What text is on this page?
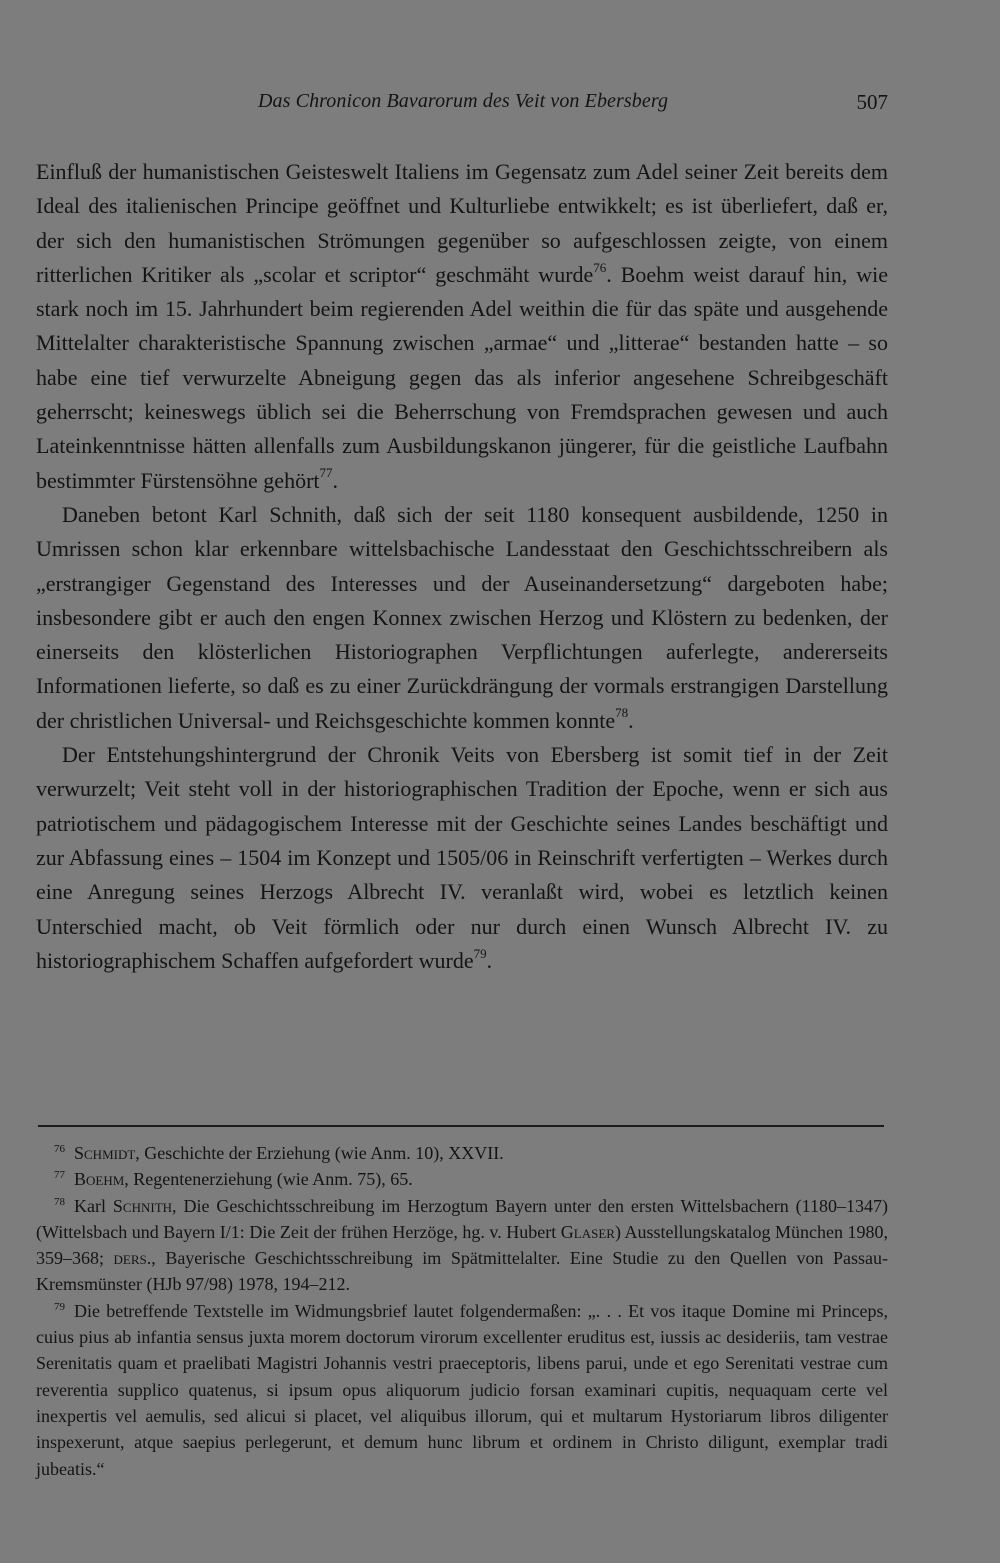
Das Chronicon Bavarorum des Veit von Ebersberg	507

Einfluß der humanistischen Geisteswelt Italiens im Gegensatz zum Adel seiner Zeit bereits dem Ideal des italienischen Principe geöffnet und Kulturliebe entwikkelt; es ist überliefert, daß er, der sich den humanistischen Strömungen gegenüber so aufgeschlossen zeigte, von einem ritterlichen Kritiker als „scolar et scriptor“ geschmäht wurde$^{76}$. Boehm weist darauf hin, wie stark noch im 15. Jahrhundert beim regierenden Adel weithin die für das späte und ausgehende Mittelalter charakteristische Spannung zwischen „armae“ und „litterae“ bestanden hatte – so habe eine tief verwurzelte Abneigung gegen das als inferior angesehene Schreibgeschäft geherrscht; keineswegs üblich sei die Beherrschung von Fremdsprachen gewesen und auch Lateinkenntnisse hätten allenfalls zum Ausbildungskanon jüngerer, für die geistliche Laufbahn bestimmter Fürstensöhne gehört$^{77}$.

Daneben betont Karl Schnith, daß sich der seit 1180 konsequent ausbildende, 1250 in Umrissen schon klar erkennbare wittelsbachische Landesstaat den Geschichtsschreibern als „erstrangiger Gegenstand des Interesses und der Auseinandersetzung“ dargeboten habe; insbesondere gibt er auch den engen Konnex zwischen Herzog und Klöstern zu bedenken, der einerseits den klösterlichen Historiographen Verpflichtungen auferlegte, andererseits Informationen lieferte, so daß es zu einer Zurückdrängung der vormals erstrangigen Darstellung der christlichen Universal- und Reichsgeschichte kommen konnte$^{78}$.

Der Entstehungshintergrund der Chronik Veits von Ebersberg ist somit tief in der Zeit verwurzelt; Veit steht voll in der historiographischen Tradition der Epoche, wenn er sich aus patriotischem und pädagogischem Interesse mit der Geschichte seines Landes beschäftigt und zur Abfassung eines – 1504 im Konzept und 1505/06 in Reinschrift verfertigten – Werkes durch eine Anregung seines Herzogs Albrecht IV. veranlaßt wird, wobei es letztlich keinen Unterschied macht, ob Veit förmlich oder nur durch einen Wunsch Albrecht IV. zu historiographischem Schaffen aufgefordert wurde$^{79}$.

$^{76}$ Schmidt, Geschichte der Erziehung (wie Anm. 10), XXVII.

$^{77}$ Boehm, Regentenerziehung (wie Anm. 75), 65.

$^{78}$ Karl Schnith, Die Geschichtsschreibung im Herzogtum Bayern unter den ersten Wittelsbachern (1180–1347) (Wittelsbach und Bayern I/1: Die Zeit der frühen Herzöge, hg. v. Hubert Glaser) Ausstellungskatalog München 1980, 359–368; ders., Bayerische Geschichtsschreibung im Spätmittelalter. Eine Studie zu den Quellen von Passau-Kremsmünster (HJb 97/98) 1978, 194–212.

$^{79}$ Die betreffende Textstelle im Widmungsbrief lautet folgendermaßen: „. . . Et vos itaque Domine mi Princeps, cuius pius ab infantia sensus juxta morem doctorum virorum excellenter eruditus est, iussis ac desideriis, tam vestrae Serenitatis quam et praelibati Magistri Johannis vestri praeceptoris, libens parui, unde et ego Serenitati vestrae cum reverentia supplico quatenus, si ipsum opus aliquorum judicio forsan examinari cupitis, nequaquam certe vel inexpertis vel aemulis, sed alicui si placet, vel aliquibus illorum, qui et multarum Hystoriarum libros diligenter inspexerunt, atque saepius perlegerunt, et demum hunc librum et ordinem in Christo diligunt, exemplar tradi jubeatis.“
